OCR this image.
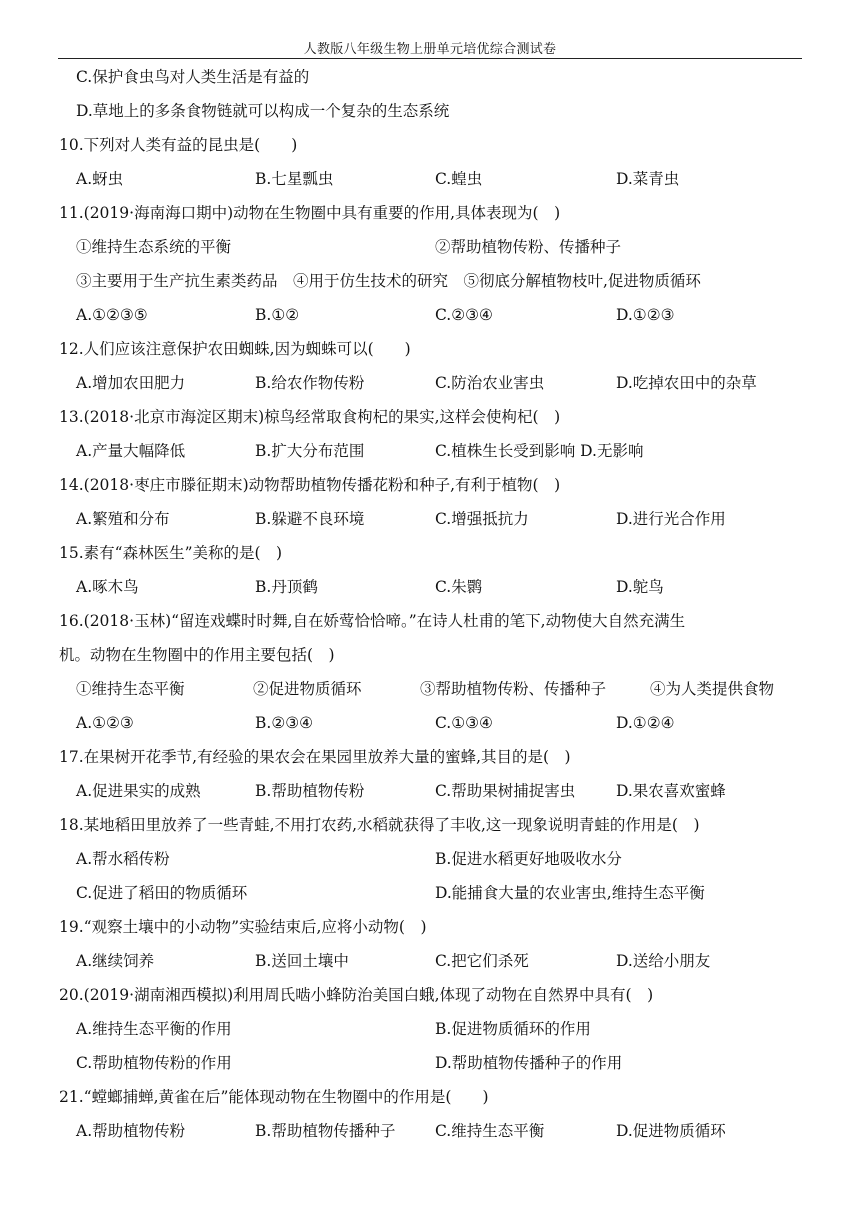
人教版八年级生物上册单元培优综合测试卷
C.保护食虫鸟对人类生活是有益的
D.草地上的多条食物链就可以构成一个复杂的生态系统
10.下列对人类有益的昆虫是(　　)
A.蚜虫	B.七星瓢虫	C.蝗虫	D.菜青虫
11.(2019·海南海口期中)动物在生物圈中具有重要的作用,具体表现为(　)
①维持生态系统的平衡	②帮助植物传粉、传播种子
③主要用于生产抗生素类药品　④用于仿生技术的研究　⑤彻底分解植物枝叶,促进物质循环
A.①②③⑤	B.①②	C.②③④	D.①②③
12.人们应该注意保护农田蜘蛛,因为蜘蛛可以(　　)
A.增加农田肥力	B.给农作物传粉	C.防治农业害虫	D.吃掉农田中的杂草
13.(2018·北京市海淀区期末)椋鸟经常取食枸杞的果实,这样会使枸杞(　)
A.产量大幅降低	B.扩大分布范围	C.植株生长受到影响 D.无影响
14.(2018·枣庄市滕征期末)动物帮助植物传播花粉和种子,有利于植物(　)
A.繁殖和分布	B.躲避不良环境	C.增强抵抗力	D.进行光合作用
15.素有“森林医生”美称的是(　)
A.啄木鸟	B.丹顶鹤	C.朱鹮	D.鸵鸟
16.(2018·玉林)“留连戏蝶时时舞,自在娇莺恰恰啼。”在诗人杜甫的笔下,动物使大自然充满生
机。动物在生物圈中的作用主要包括(　)
①维持生态平衡	②促进物质循环	③帮助植物传粉、传播种子	④为人类提供食物
A.①②③	B.②③④	C.①③④	D.①②④
17.在果树开花季节,有经验的果农会在果园里放养大量的蜜蜂,其目的是(　)
A.促进果实的成熟	B.帮助植物传粉	C.帮助果树捕捉害虫	D.果农喜欢蜜蜂
18.某地稻田里放养了一些青蛙,不用打农药,水稻就获得了丰收,这一现象说明青蛙的作用是(　)
A.帮水稻传粉	B.促进水稻更好地吸收水分
C.促进了稻田的物质循环	D.能捕食大量的农业害虫,维持生态平衡
19.“观察土壤中的小动物”实验结束后,应将小动物(　)
A.继续饲养	B.送回土壤中	C.把它们杀死	D.送给小朋友
20.(2019·湖南湘西模拟)利用周氏啮小蜂防治美国白蛾,体现了动物在自然界中具有(　)
A.维持生态平衡的作用	B.促进物质循环的作用
C.帮助植物传粉的作用	D.帮助植物传播种子的作用
21.“螳螂捕蝉,黄雀在后”能体现动物在生物圈中的作用是(　　)
A.帮助植物传粉	B.帮助植物传播种子	C.维持生态平衡	D.促进物质循环
